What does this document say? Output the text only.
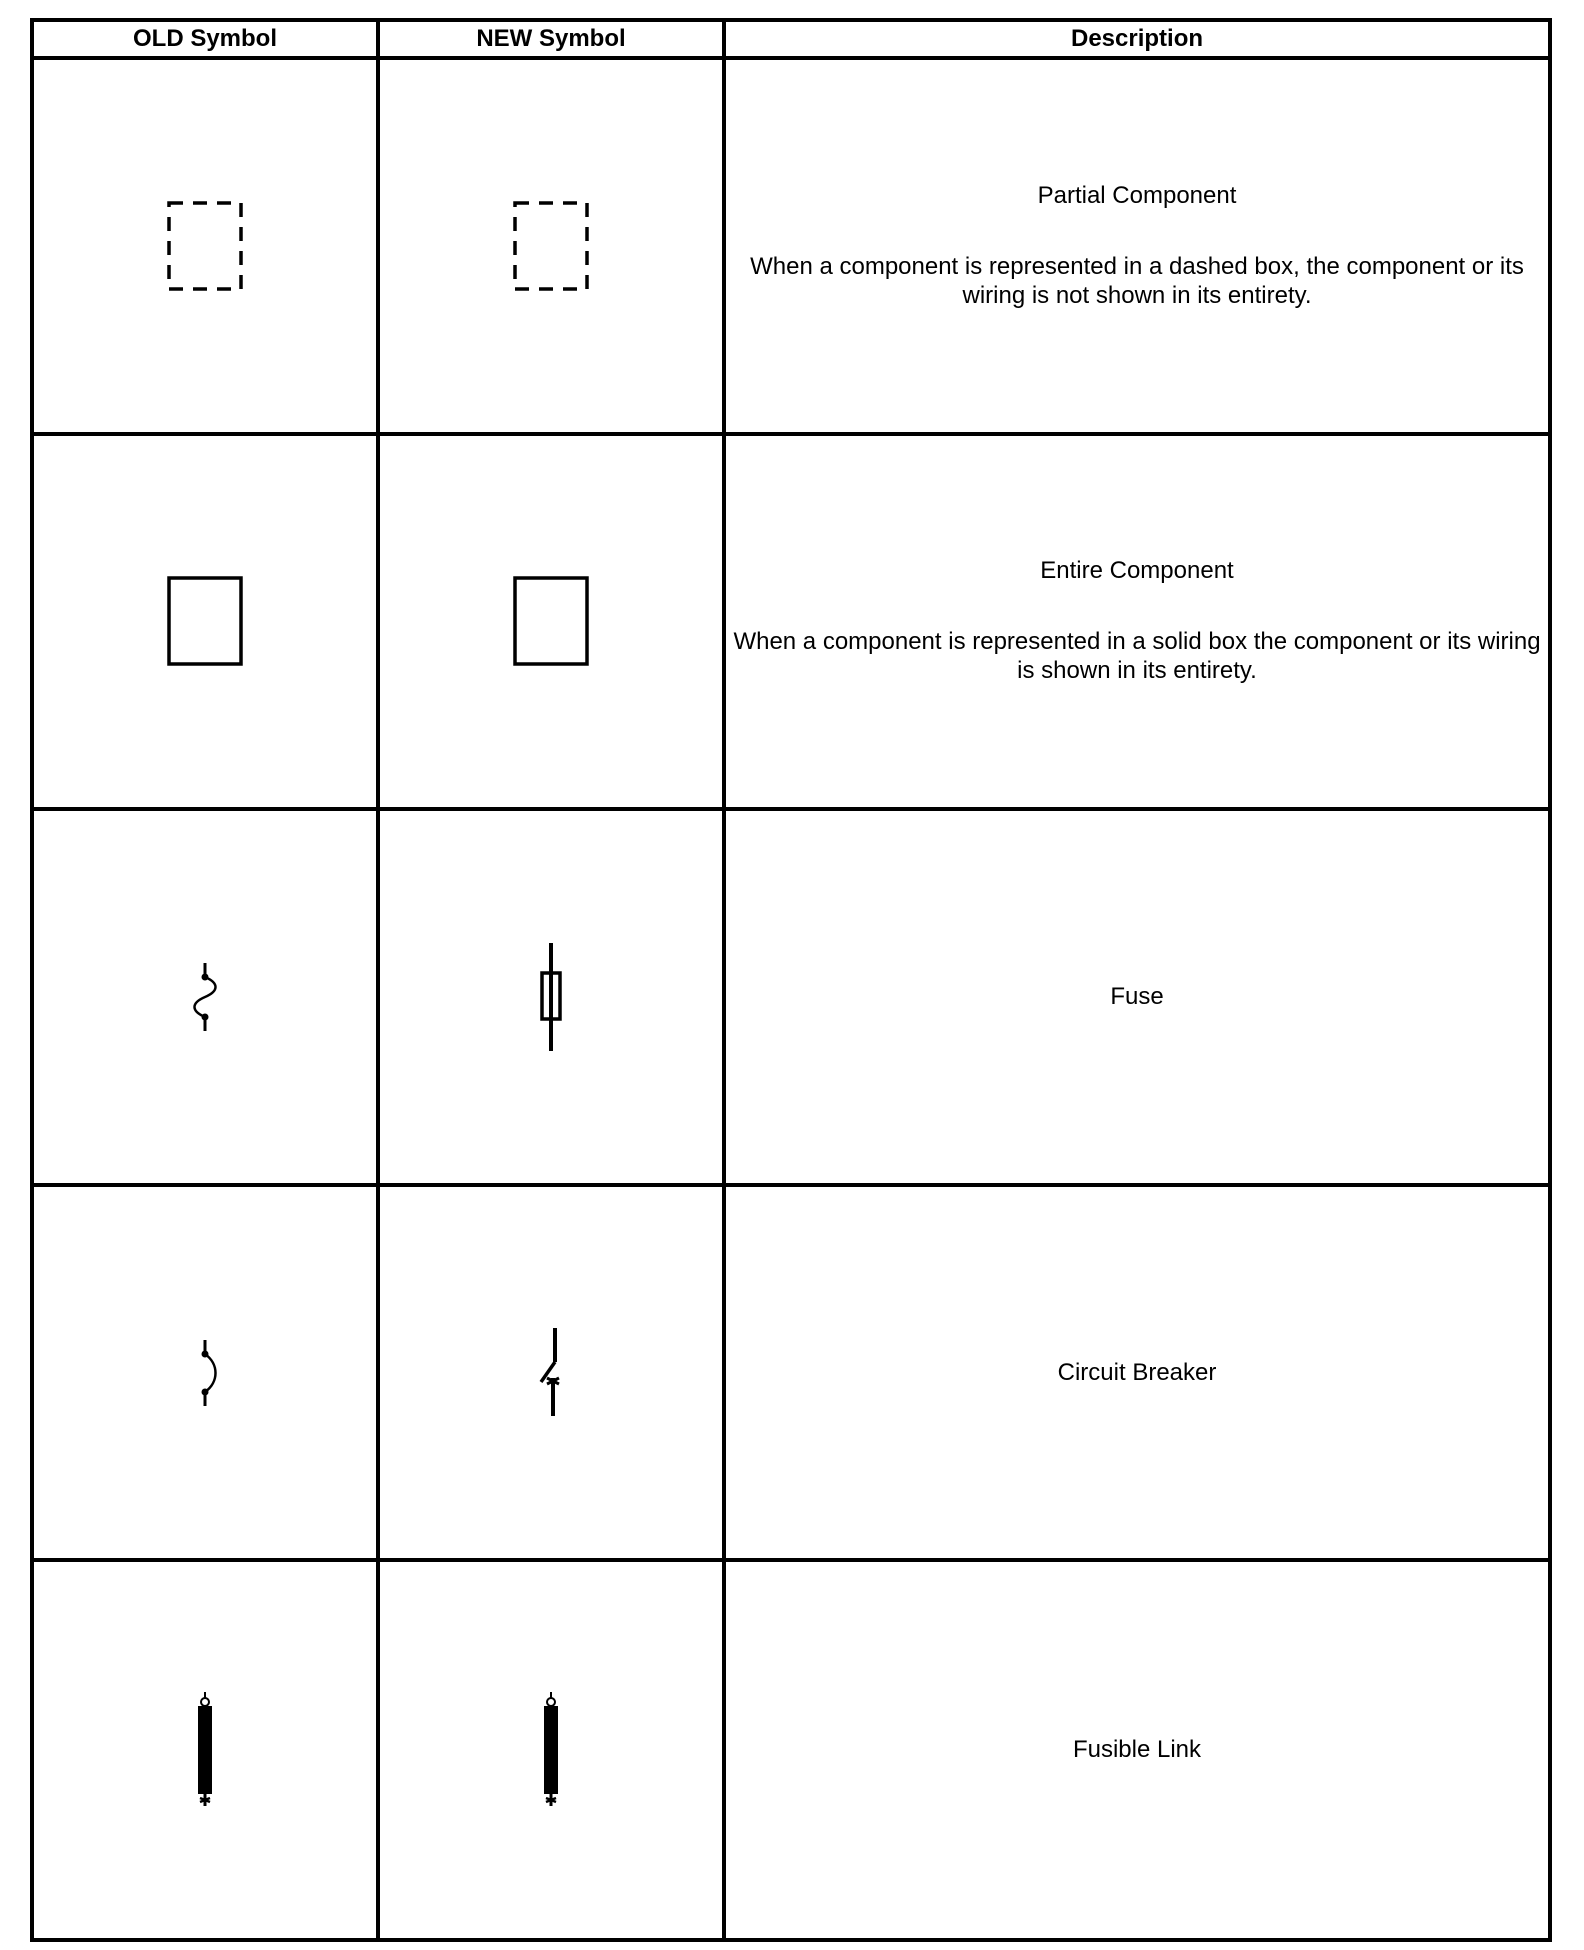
OLD Symbol	NEW Symbol	Description

Partial Component

When a component is represented in a dashed box, the component or its wiring is not shown in its entirety.

Entire Component

When a component is represented in a solid box the component or its wiring is shown in its entirety.

Fuse

Circuit Breaker

Fusible Link
